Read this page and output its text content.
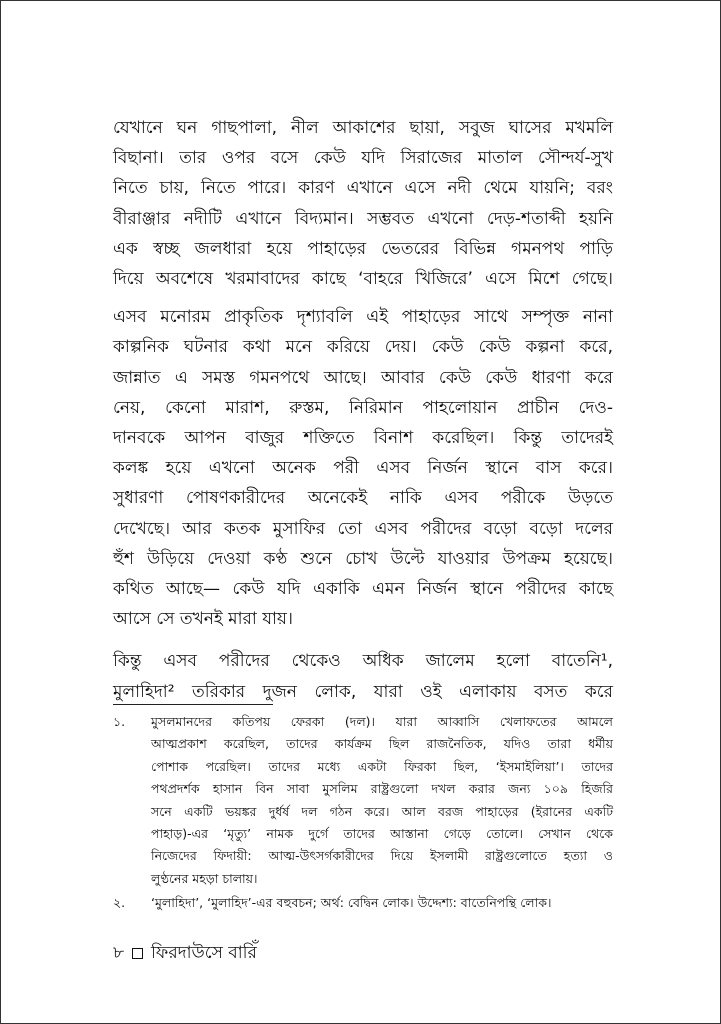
যেখানে ঘন গাছপালা, নীল আকাশের ছায়া, সবুজ ঘাসের মখমলি
বিছানা। তার ওপর বসে কেউ যদি সিরাজের মাতাল সৌন্দর্য-সুখ
নিতে চায়, নিতে পারে। কারণ এখানে এসে নদী থেমে যায়নি; বরং
বীরাঞ্জার নদীটি এখানে বিদ্যমান। সম্ভবত এখনো দেড়-শতাব্দী হয়নি
এক স্বচ্ছ জলধারা হয়ে পাহাড়ের ভেতরের বিভিন্ন গমনপথ পাড়ি
দিয়ে অবশেষে খরমাবাদের কাছে ‘বাহরে খিজিরে’ এসে মিশে গেছে।

এসব মনোরম প্রাকৃতিক দৃশ্যাবলি এই পাহাড়ের সাথে সম্পৃক্ত নানা
কাল্পনিক ঘটনার কথা মনে করিয়ে দেয়। কেউ কেউ কল্পনা করে,
জান্নাত এ সমস্ত গমনপথে আছে। আবার কেউ কেউ ধারণা করে
নেয়, কেনো মারাশ, রুস্তম, নিরিমান পাহলোয়ান প্রাচীন দেও-
দানবকে আপন বাজুর শক্তিতে বিনাশ করেছিল। কিন্তু তাদেরই
কলঙ্ক হয়ে এখনো অনেক পরী এসব নির্জন স্থানে বাস করে।
সুধারণা পোষণকারীদের অনেকেই নাকি এসব পরীকে উড়তে
দেখেছে। আর কতক মুসাফির তো এসব পরীদের বড়ো বড়ো দলের
হুঁশ উড়িয়ে দেওয়া কণ্ঠ শুনে চোখ উল্টে যাওয়ার উপক্রম হয়েছে।
কথিত আছে— কেউ যদি একাকি এমন নির্জন স্থানে পরীদের কাছে
আসে সে তখনই মারা যায়।

কিন্তু এসব পরীদের থেকেও অধিক জালেম হলো বাতেনি¹,
মুলাহিদা² তরিকার দুজন লোক, যারা ওই এলাকায় বসত করে

১.	মুসলমানদের কতিপয় ফেরকা (দল)। যারা আব্বাসি খেলাফতের আমলে
আত্মপ্রকাশ করেছিল, তাদের কার্যক্রম ছিল রাজনৈতিক, যদিও তারা ধর্মীয়
পোশাক পরেছিল। তাদের মধ্যে একটা ফিরকা ছিল, ‘ইসমাইলিয়া’। তাদের
পথপ্রদর্শক হাসান বিন সাবা মুসলিম রাষ্ট্রগুলো দখল করার জন্য ১০৯ হিজরি
সনে একটি ভয়ঙ্কর দুর্ধর্ষ দল গঠন করে। আল বরজ পাহাড়ের (ইরানের একটি
পাহাড়)-এর ‘মৃত্যু’ নামক দুর্গে তাদের আস্তানা গেড়ে তোলে। সেখান থেকে
নিজেদের ফিদায়ী: আত্ম-উৎসর্গকারীদের দিয়ে ইসলামী রাষ্ট্রগুলোতে হত্যা ও
লুণ্ঠনের মহড়া চালায়।
২.	‘মুলাহিদা’, ‘মুলাহিদ’-এর বহুবচন; অর্থ: বেদ্বিন লোক। উদ্দেশ্য: বাতেনিপন্থি লোক।
৮ ফিরদাউসে বারিঁ
